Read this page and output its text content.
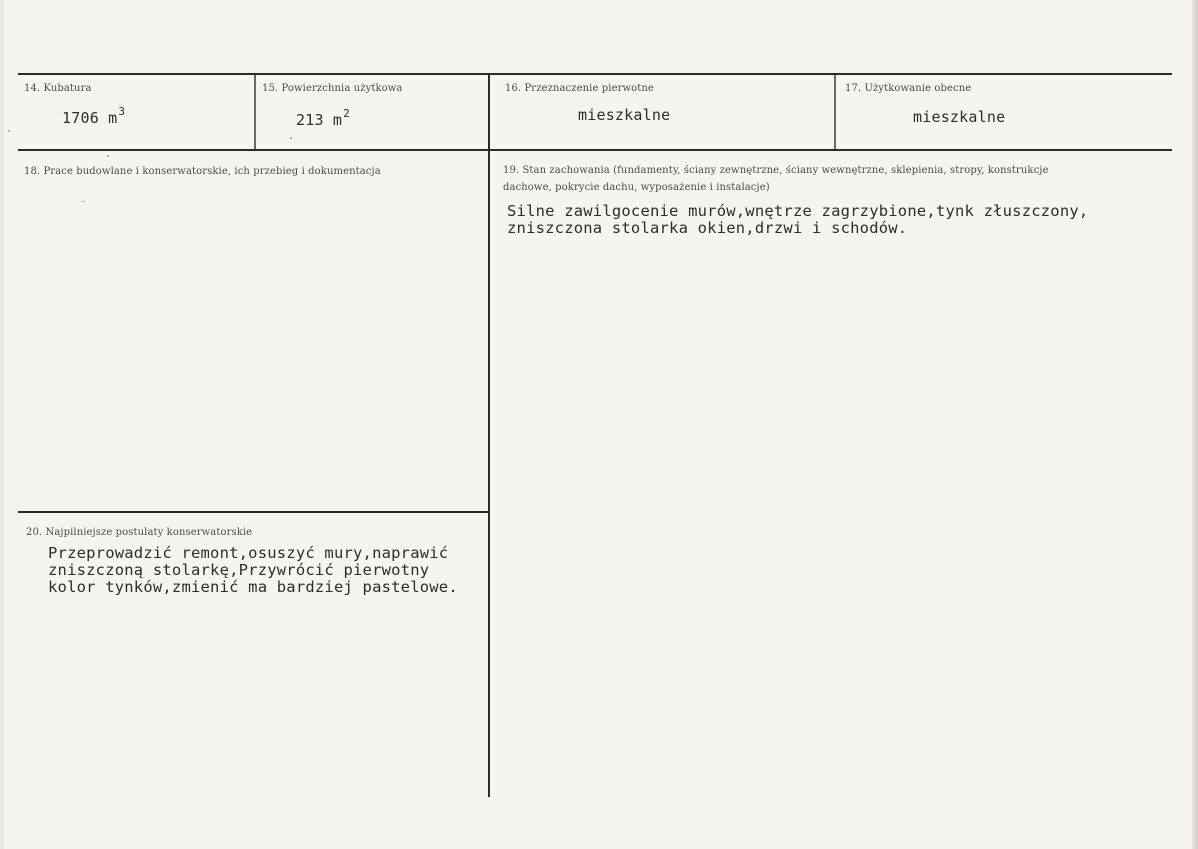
14. Kubatura
1706 $m^3$
15. Powierzchnia użytkowa
213 $m^2$
16. Przeznaczenie pierwotne
mieszkalne
17. Użytkowanie obecne
mieszkalne
18. Prace budowlane i konserwatorskie, ich przebieg i dokumentacja	19. Stan zachowania (fundamenty, ściany zewnętrzne, ściany wewnętrzne, sklepienia, stropy, konstrukcje dachowe, pokrycie dachu, wyposażenie i instalacje)
Silne zawilgocenie murów,wnętrze zagrzybione,tynk złuszczony,
zniszczona stolarka okien,drzwi i schodów.
20. Najpilniejsze postulaty konserwatorskie
Przeprowadzić remont,osuszyć mury,naprawić
zniszczoną stolarkę,Przywrócić pierwotny
kolor tynków,zmienić ma bardziej pastelowe.
